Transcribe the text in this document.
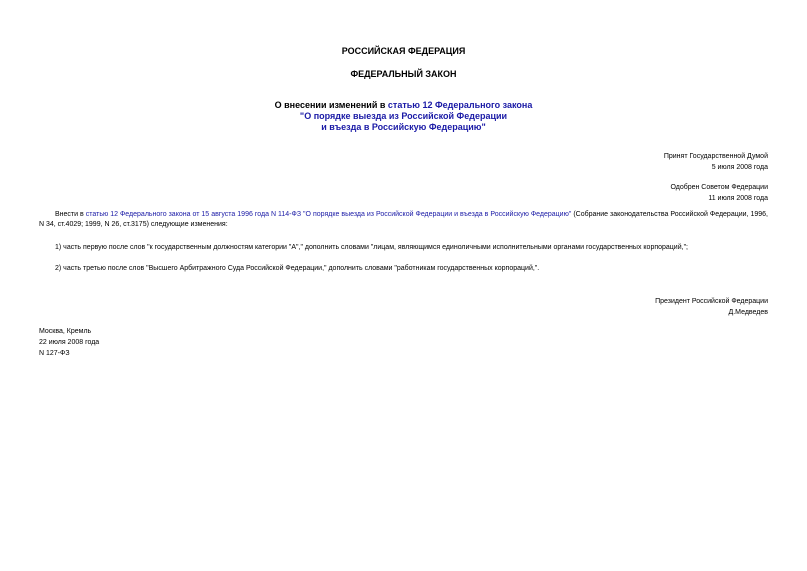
РОССИЙСКАЯ ФЕДЕРАЦИЯ
ФЕДЕРАЛЬНЫЙ ЗАКОН
О внесении изменений в статью 12 Федерального закона
"О порядке выезда из Российской Федерации
и въезда в Российскую Федерацию"
Принят Государственной Думой
5 июля 2008 года
Одобрен Советом Федерации
11 июля 2008 года
Внести в статью 12 Федерального закона от 15 августа 1996 года N 114-ФЗ "О порядке выезда из Российской Федерации и въезда в Российскую Федерацию" (Собрание законодательства Российской Федерации, 1996, N 34, ст.4029; 1999, N 26, ст.3175) следующие изменения:
1) часть первую после слов "к государственным должностям категории "А"," дополнить словами "лицам, являющимся единоличными исполнительными органами государственных корпораций,";
2) часть третью после слов "Высшего Арбитражного Суда Российской Федерации," дополнить словами "работникам государственных корпораций,".
Президент Российской Федерации
Д.Медведев
Москва, Кремль
22 июля 2008 года
N 127-ФЗ
